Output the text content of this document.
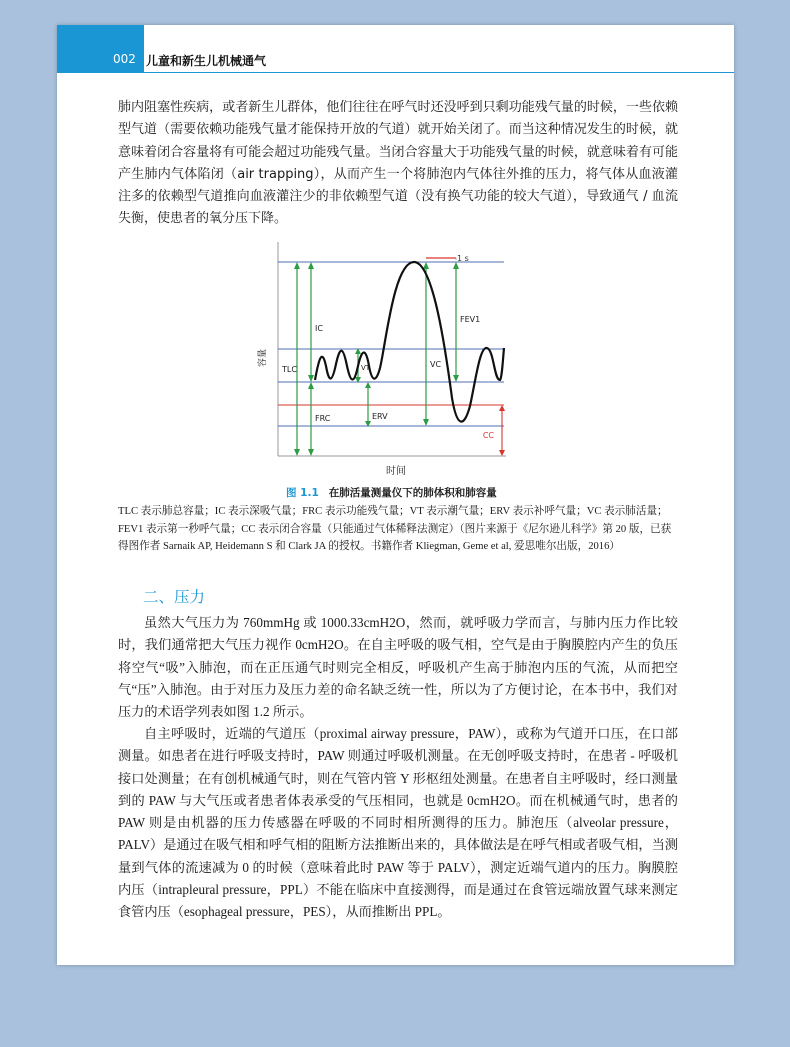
002 儿童和新生儿机械通气

肺内阻塞性疾病，或者新生儿群体，他们往往在呼气时还没呼到只剩功能残气量的时候，一些依赖型气道（需要依赖功能残气量才能保持开放的气道）就开始关闭了。而当这种情况发生的时候，就意味着闭合容量将有可能会超过功能残气量。当闭合容量大于功能残气量的时候，就意味着有可能产生肺内气体陷闭（air trapping），从而产生一个将肺泡内气体往外推的压力，将气体从血液灌注多的依赖型气道推向血液灌注少的非依赖型气道（没有换气功能的较大气道），导致通气 / 血流失衡，使患者的氧分压下降。

1 s
容量
TLC
IC
FRC
VT
ERV
VC
FEV1
CC
时间
图 1.1 在肺活量测量仪下的肺体积和肺容量

TLC 表示肺总容量；IC 表示深吸气量；FRC 表示功能残气量；VT 表示潮气量；ERV 表示补呼气量；VC 表示肺活量；FEV1 表示第一秒呼气量；CC 表示闭合容量（只能通过气体稀释法测定）（图片来源于《尼尔逊儿科学》第 20 版，已获得图作者 Sarnaik AP, Heidemann S 和 Clark JA 的授权。书籍作者 Kliegman, Geme et al, 爱思唯尔出版，2016）

二、压力

虽然大气压力为 760mmHg 或 1000.33cmH2O，然而，就呼吸力学而言，与肺内压力作比较时，我们通常把大气压力视作 0cmH2O。在自主呼吸的吸气相，空气是由于胸膜腔内产生的负压将空气“吸”入肺泡，而在正压通气时则完全相反，呼吸机产生高于肺泡内压的气流，从而把空气“压”入肺泡。由于对压力及压力差的命名缺乏统一性，所以为了方便讨论，在本书中，我们对压力的术语学列表如图 1.2 所示。

自主呼吸时，近端的气道压（proximal airway pressure，PAW），或称为气道开口压，在口部测量。如患者在进行呼吸支持时，PAW 则通过呼吸机测量。在无创呼吸支持时，在患者 - 呼吸机接口处测量；在有创机械通气时，则在气管内管 Y 形枢纽处测量。在患者自主呼吸时，经口测量到的 PAW 与大气压或者患者体表承受的气压相同，也就是 0cmH2O。而在机械通气时，患者的 PAW 则是由机器的压力传感器在呼吸的不同时相所测得的压力。肺泡压（alveolar pressure，PALV）是通过在吸气相和呼气相的阻断方法推断出来的，具体做法是在呼气相或者吸气相，当测量到气体的流速减为 0 的时候（意味着此时 PAW 等于 PALV），测定近端气道内的压力。胸膜腔内压（intrapleural pressure，PPL）不能在临床中直接测得，而是通过在食管远端放置气球来测定食管内压（esophageal pressure，PES），从而推断出 PPL。
